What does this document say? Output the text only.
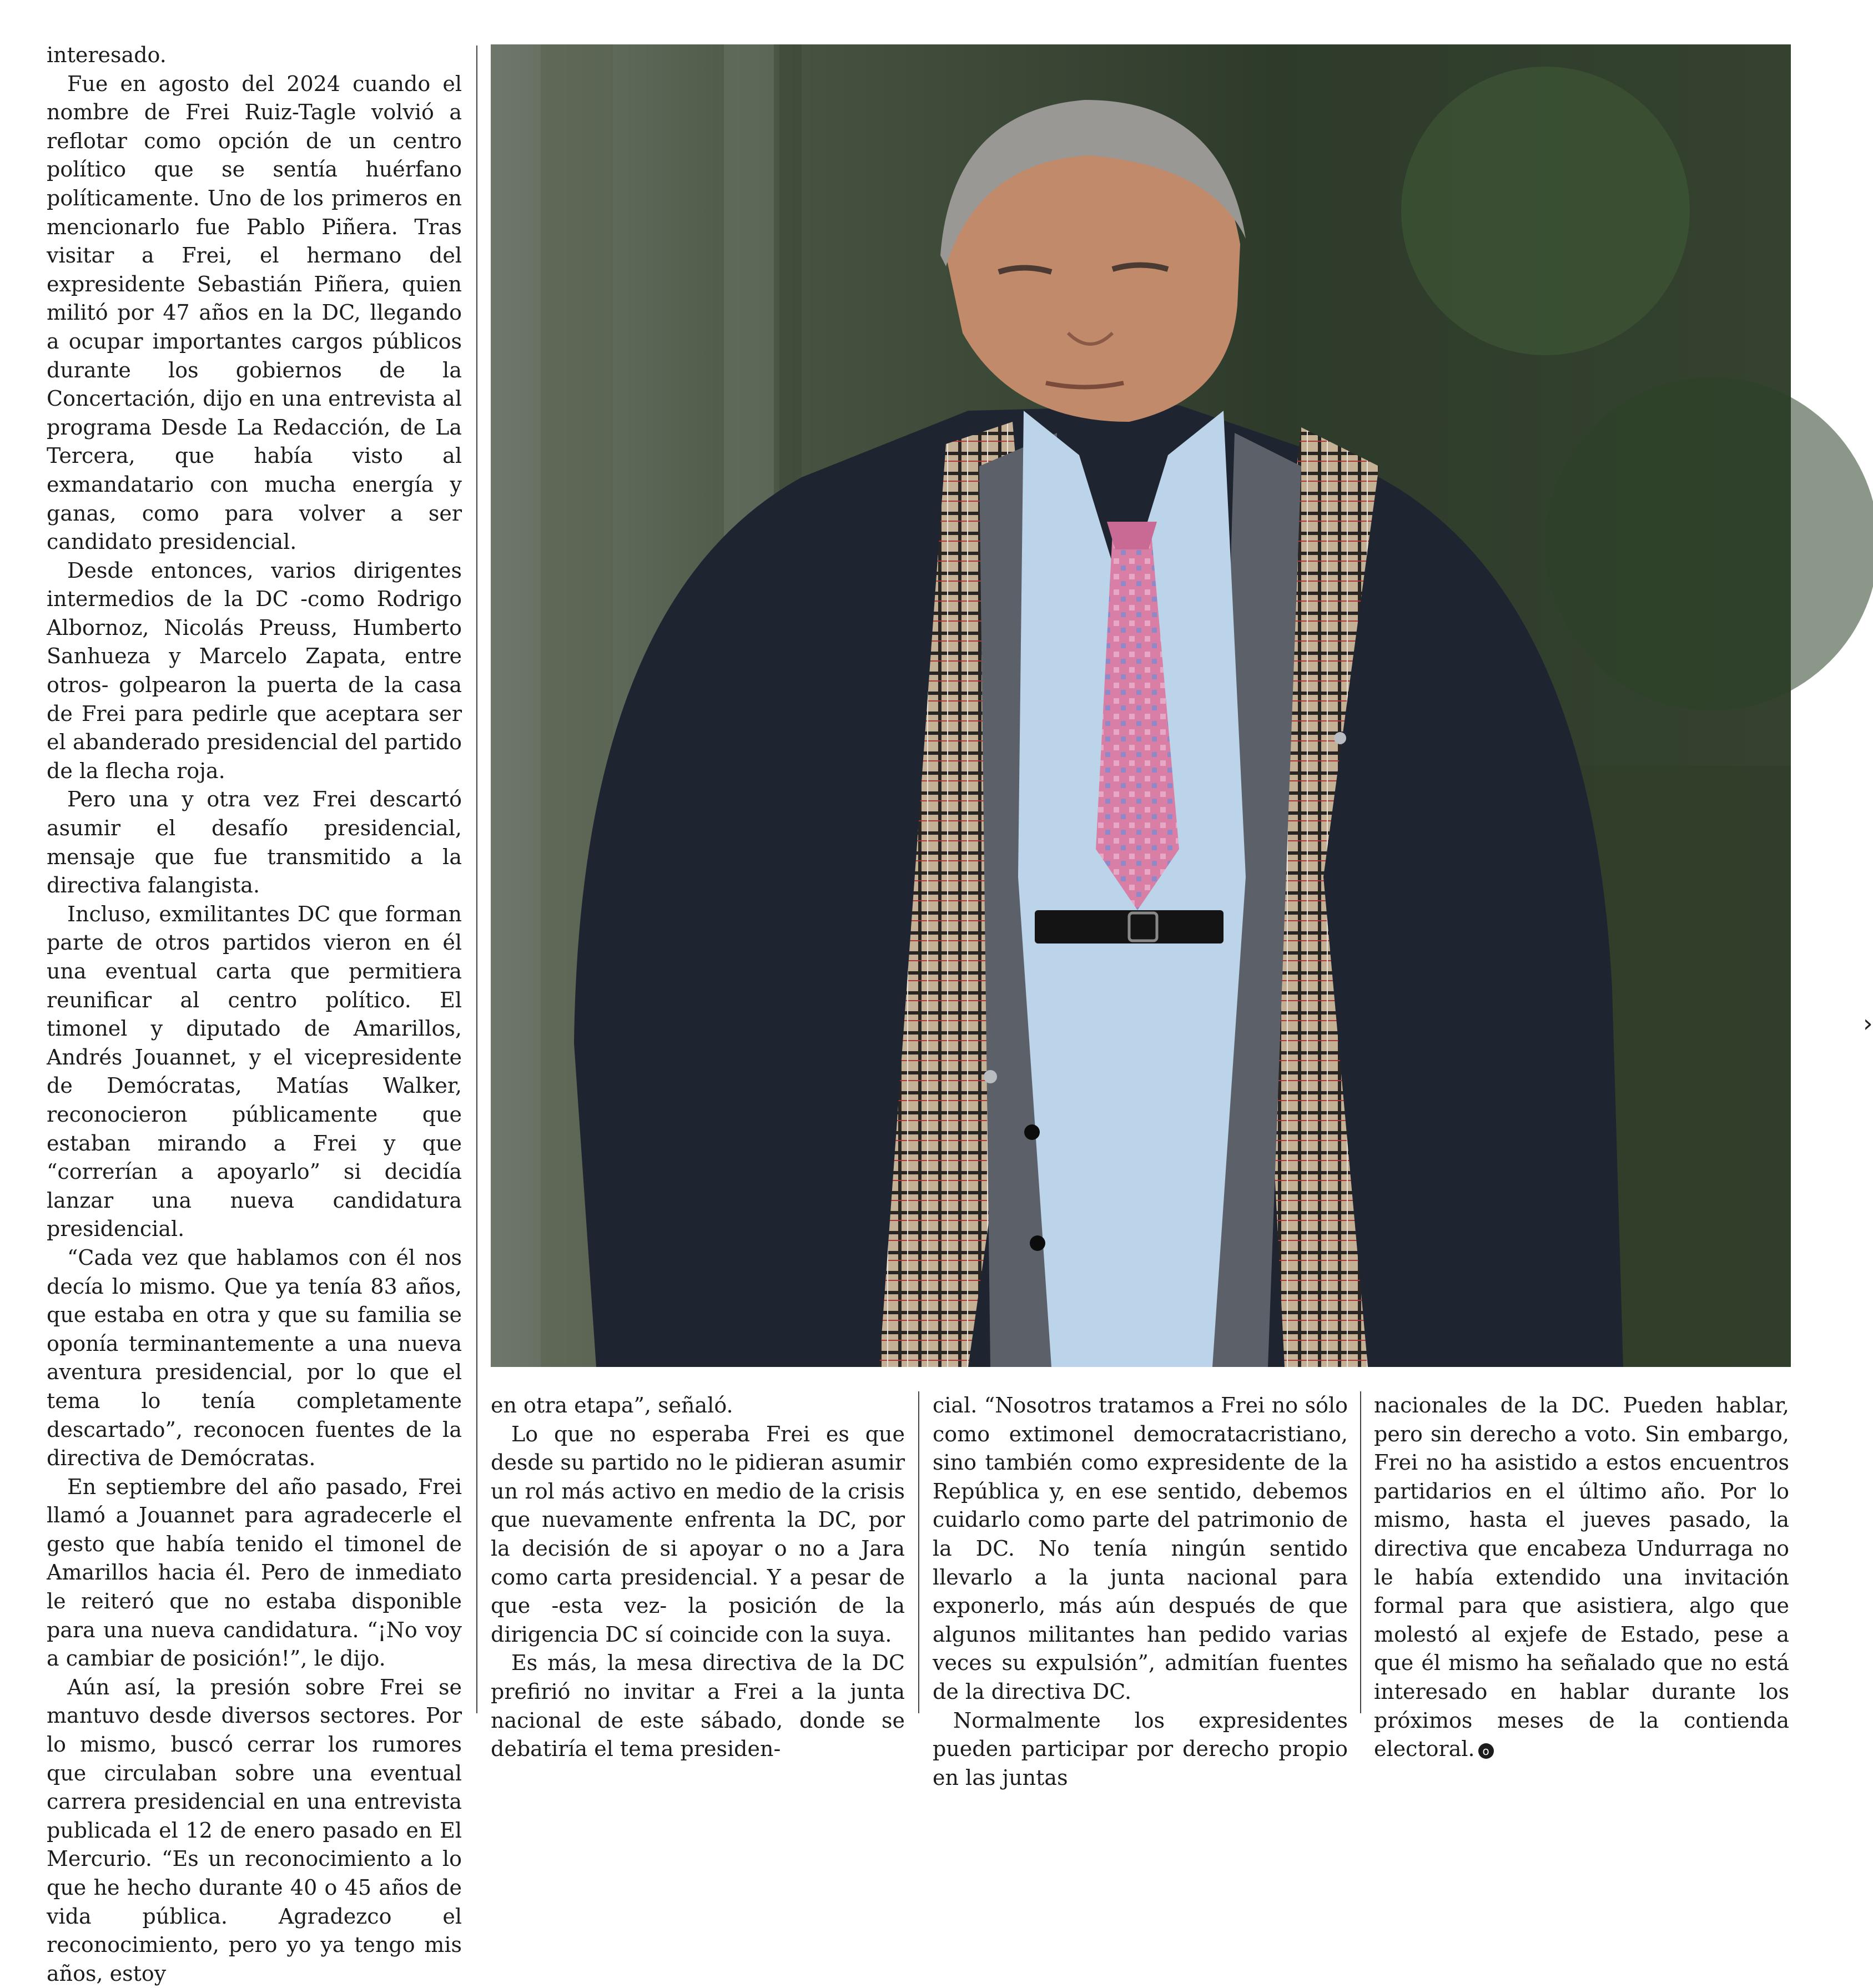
interesado.

Fue en agosto del 2024 cuando el nombre de Frei Ruiz-Tagle volvió a reflotar como opción de un centro político que se sentía huérfano políticamente. Uno de los primeros en mencionarlo fue Pablo Piñera. Tras visitar a Frei, el hermano del expresidente Sebastián Piñera, quien militó por 47 años en la DC, llegando a ocupar importantes cargos públicos durante los gobiernos de la Concertación, dijo en una entrevista al programa Desde La Redacción, de La Tercera, que había visto al exmandatario con mucha energía y ganas, como para volver a ser candidato presidencial.

Desde entonces, varios dirigentes intermedios de la DC -como Rodrigo Albornoz, Nicolás Preuss, Humberto Sanhueza y Marcelo Zapata, entre otros- golpearon la puerta de la casa de Frei para pedirle que aceptara ser el abanderado presidencial del partido de la flecha roja.

Pero una y otra vez Frei descartó asumir el desafío presidencial, mensaje que fue transmitido a la directiva falangista.

Incluso, exmilitantes DC que forman parte de otros partidos vieron en él una eventual carta que permitiera reunificar al centro político. El timonel y diputado de Amarillos, Andrés Jouannet, y el vicepresidente de Demócratas, Matías Walker, reconocieron públicamente que estaban mirando a Frei y que “correrían a apoyarlo” si decidía lanzar una nueva candidatura presidencial.

“Cada vez que hablamos con él nos decía lo mismo. Que ya tenía 83 años, que estaba en otra y que su familia se oponía terminantemente a una nueva aventura presidencial, por lo que el tema lo tenía completamente descartado”, reconocen fuentes de la directiva de Demócratas.

En septiembre del año pasado, Frei llamó a Jouannet para agradecerle el gesto que había tenido el timonel de Amarillos hacia él. Pero de inmediato le reiteró que no estaba disponible para una nueva candidatura. “¡No voy a cambiar de posición!”, le dijo.

Aún así, la presión sobre Frei se mantuvo desde diversos sectores. Por lo mismo, buscó cerrar los rumores que circulaban sobre una eventual carrera presidencial en una entrevista publicada el 12 de enero pasado en El Mercurio. “Es un reconocimiento a lo que he hecho durante 40 o 45 años de vida pública. Agradezco el reconocimiento, pero yo ya tengo mis años, estoy

en otra etapa”, señaló.

Lo que no esperaba Frei es que desde su partido no le pidieran asumir un rol más activo en medio de la crisis que nuevamente enfrenta la DC, por la decisión de si apoyar o no a Jara como carta presidencial. Y a pesar de que -esta vez- la posición de la dirigencia DC sí coincide con la suya.

Es más, la mesa directiva de la DC prefirió no invitar a Frei a la junta nacional de este sábado, donde se debatiría el tema presiden-

cial. “Nosotros tratamos a Frei no sólo como extimonel democratacristiano, sino también como expresidente de la República y, en ese sentido, debemos cuidarlo como parte del patrimonio de la DC. No tenía ningún sentido llevarlo a la junta nacional para exponerlo, más aún después de que algunos militantes han pedido varias veces su expulsión”, admitían fuentes de la directiva DC.

Normalmente los expresidentes pueden participar por derecho propio en las juntas

nacionales de la DC. Pueden hablar, pero sin derecho a voto. Sin embargo, Frei no ha asistido a estos encuentros partidarios en el último año. Por lo mismo, hasta el jueves pasado, la directiva que encabeza Undurraga no le había extendido una invitación formal para que asistiera, algo que molestó al exjefe de Estado, pese a que él mismo ha señalado que no está interesado en hablar durante los próximos meses de la contienda electoral. o

›
